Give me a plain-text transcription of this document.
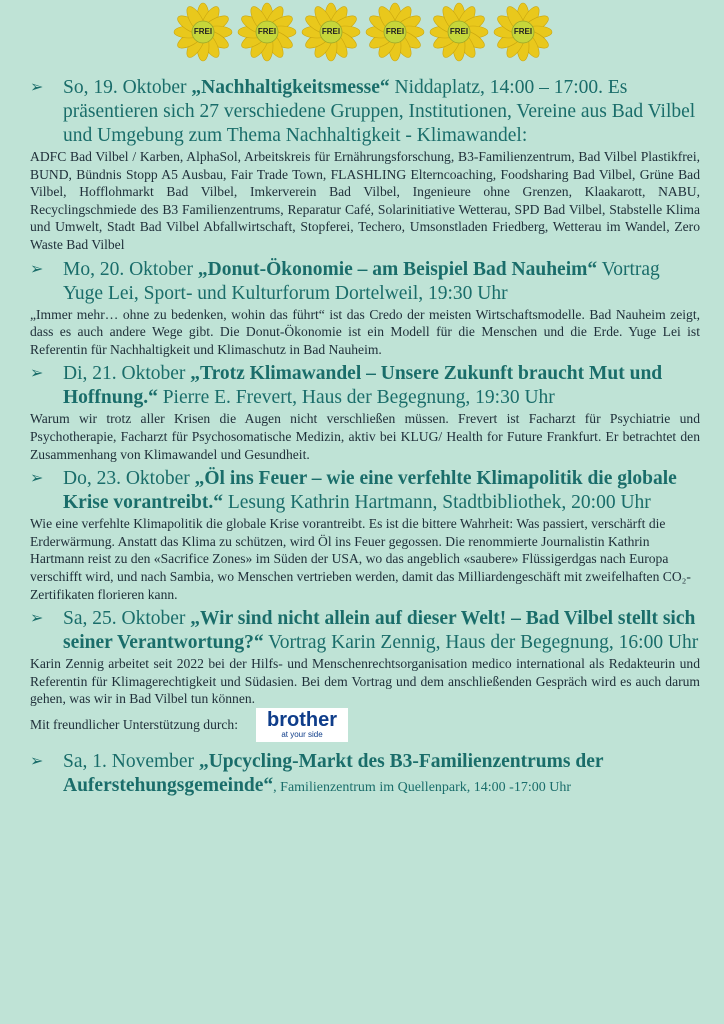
FREI	FREI	FREI	FREI	FREI	FREI
➢ So, 19. Oktober „Nachhaltigkeitsmesse“ Niddaplatz, 14:00 – 17:00. Es präsentieren sich 27 verschiedene Gruppen, Institutionen, Vereine aus Bad Vilbel und Umgebung zum Thema Nachhaltigkeit - Klimawandel:
ADFC Bad Vilbel / Karben, AlphaSol, Arbeitskreis für Ernährungsforschung, B3-Familienzentrum, Bad Vilbel Plastikfrei, BUND, Bündnis Stopp A5 Ausbau, Fair Trade Town, FLASHLING Elterncoaching, Foodsharing Bad Vilbel, Grüne Bad Vilbel, Hofflohmarkt Bad Vilbel, Imkerverein Bad Vilbel, Ingenieure ohne Grenzen, Klaakarott, NABU, Recyclingschmiede des B3 Familienzentrums, Reparatur Café, Solarinitiative Wetterau, SPD Bad Vilbel, Stabstelle Klima und Umwelt, Stadt Bad Vilbel Abfallwirtschaft, Stopferei, Techero, Umsonstladen Friedberg, Wetterau im Wandel, Zero Waste Bad Vilbel
➢ Mo, 20. Oktober „Donut-Ökonomie – am Beispiel Bad Nauheim“ Vortrag Yuge Lei, Sport- und Kulturforum Dortelweil, 19:30 Uhr
„Immer mehr… ohne zu bedenken, wohin das führt“ ist das Credo der meisten Wirtschaftsmodelle. Bad Nauheim zeigt, dass es auch andere Wege gibt. Die Donut-Ökonomie ist ein Modell für die Menschen und die Erde. Yuge Lei ist Referentin für Nachhaltigkeit und Klimaschutz in Bad Nauheim.
➢ Di, 21. Oktober „Trotz Klimawandel – Unsere Zukunft braucht Mut und Hoffnung.“ Pierre E. Frevert, Haus der Begegnung, 19:30 Uhr
Warum wir trotz aller Krisen die Augen nicht verschließen müssen. Frevert ist Facharzt für Psychiatrie und Psychotherapie, Facharzt für Psychosomatische Medizin, aktiv bei KLUG/ Health for Future Frankfurt. Er betrachtet den Zusammenhang von Klimawandel und Gesundheit.
➢ Do, 23. Oktober „Öl ins Feuer – wie eine verfehlte Klimapolitik die globale Krise vorantreibt.“ Lesung Kathrin Hartmann, Stadtbibliothek, 20:00 Uhr
Wie eine verfehlte Klimapolitik die globale Krise vorantreibt. Es ist die bittere Wahrheit: Was passiert, verschärft die Erderwärmung. Anstatt das Klima zu schützen, wird Öl ins Feuer gegossen. Die renommierte Journalistin Kathrin Hartmann reist zu den «Sacrifice Zones» im Süden der USA, wo das angeblich «saubere» Flüssigerdgas nach Europa verschifft wird, und nach Sambia, wo Menschen vertrieben werden, damit das Milliardengeschäft mit zweifelhaften CO₂-Zertifikaten florieren kann.
➢ Sa, 25. Oktober „Wir sind nicht allein auf dieser Welt! – Bad Vilbel stellt sich seiner Verantwortung?“ Vortrag Karin Zennig, Haus der Begegnung, 16:00 Uhr
Karin Zennig arbeitet seit 2022 bei der Hilfs- und Menschenrechtsorganisation medico international als Redakteurin und Referentin für Klimagerechtigkeit und Südasien. Bei dem Vortrag und dem anschließenden Gespräch wird es auch darum gehen, was wir in Bad Vilbel tun können.
Mit freundlicher Unterstützung durch: brother
at your side
➢ Sa, 1. November „Upcycling-Markt des B3-Familienzentrums der Auferstehungsgemeinde“, Familienzentrum im Quellenpark, 14:00 -17:00 Uhr
